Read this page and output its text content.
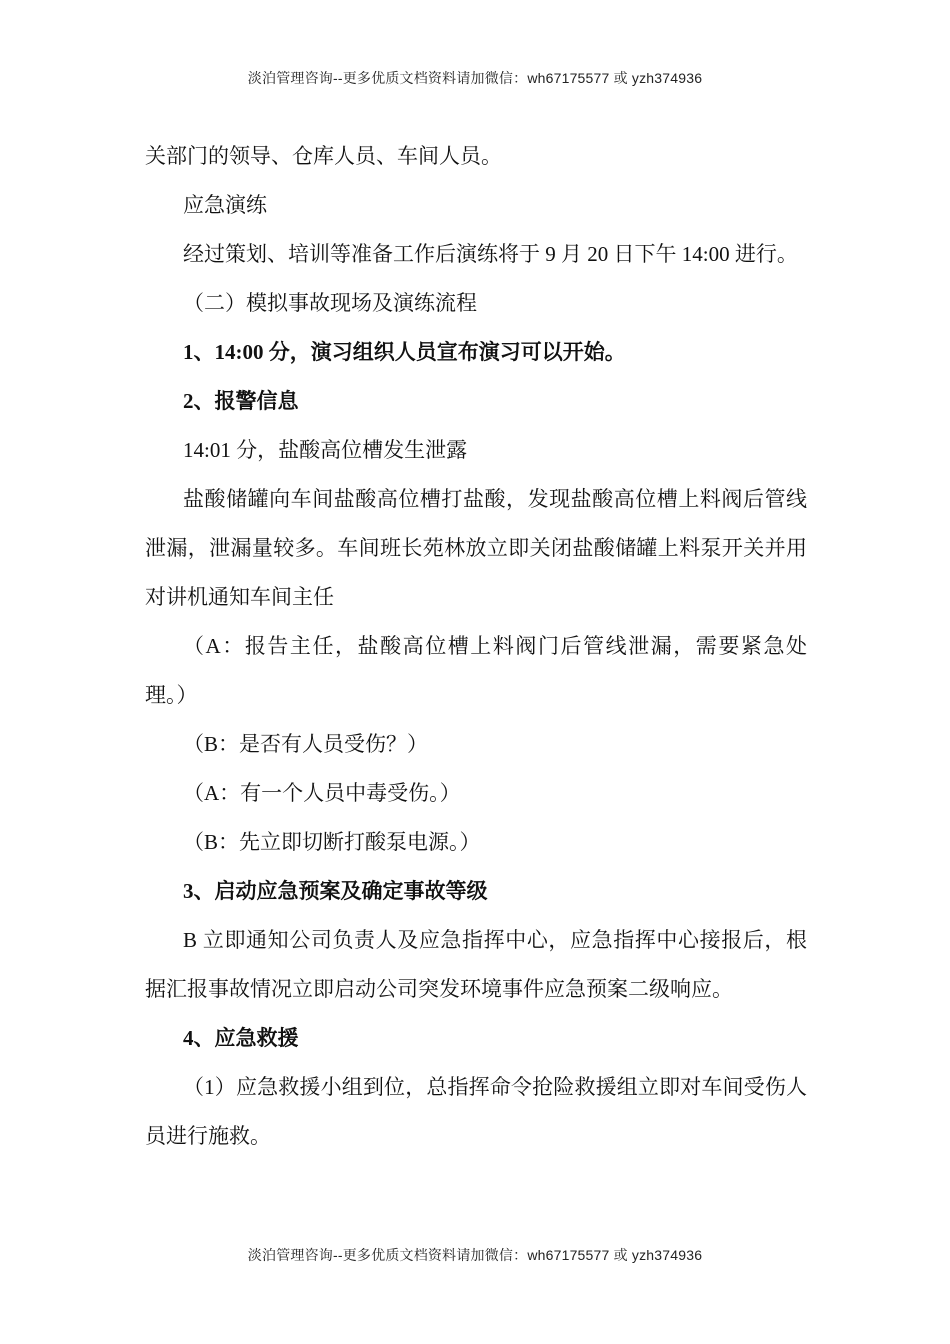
淡泊管理咨询--更多优质文档资料请加微信：wh67175577 或 yzh374936

关部门的领导、仓库人员、车间人员。

应急演练

经过策划、培训等准备工作后演练将于 9 月 20 日下午 14:00 进行。

（二）模拟事故现场及演练流程

1、14:00 分，演习组织人员宣布演习可以开始。

2、报警信息

14:01 分，盐酸高位槽发生泄露

盐酸储罐向车间盐酸高位槽打盐酸，发现盐酸高位槽上料阀后管线泄漏，泄漏量较多。车间班长苑林放立即关闭盐酸储罐上料泵开关并用对讲机通知车间主任

（A：报告主任，盐酸高位槽上料阀门后管线泄漏，需要紧急处理。）

（B：是否有人员受伤？）

（A：有一个人员中毒受伤。）

（B：先立即切断打酸泵电源。）

3、启动应急预案及确定事故等级

B 立即通知公司负责人及应急指挥中心，应急指挥中心接报后，根据汇报事故情况立即启动公司突发环境事件应急预案二级响应。

4、应急救援

（1）应急救援小组到位，总指挥命令抢险救援组立即对车间受伤人员进行施救。

淡泊管理咨询--更多优质文档资料请加微信：wh67175577 或 yzh374936
